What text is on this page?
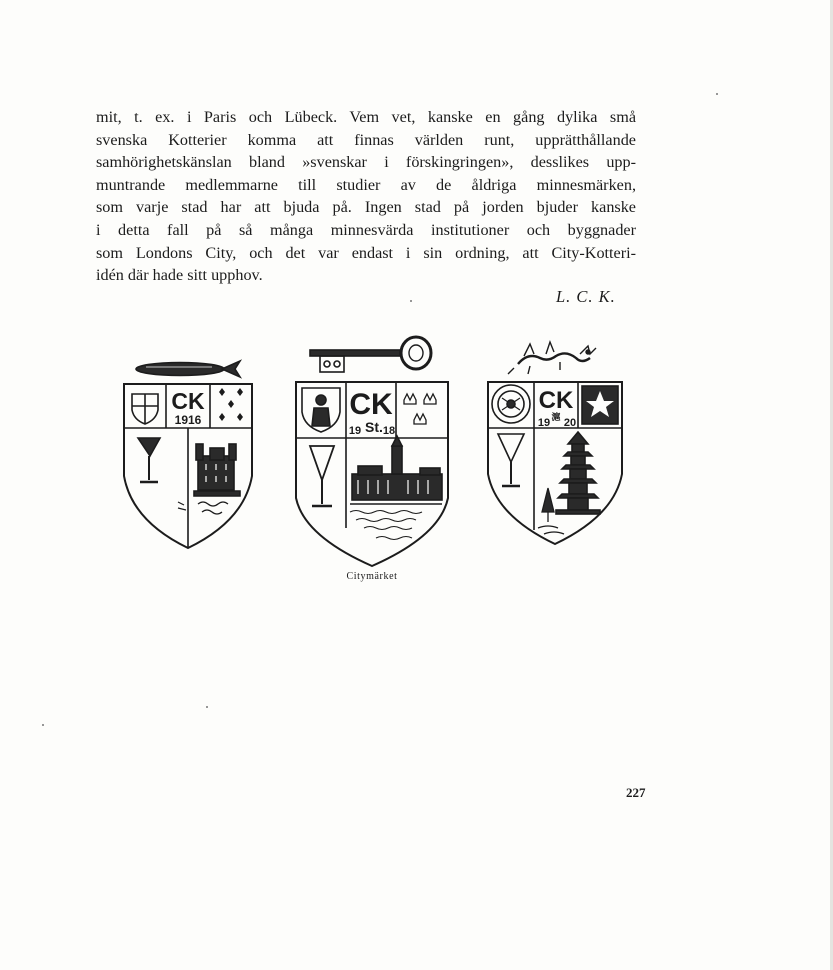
mit, t. ex. i Paris och Lübeck. Vem vet, kanske en gång dylika små
svenska Kotterier komma att finnas världen runt, upprätthållande
samhörighetskänslan bland »svenskar i förskingringen», desslikes upp-
muntrande medlemmarne till studier av de åldriga minnesmärken,
som varje stad har att bjuda på. Ingen stad på jorden bjuder kanske
i detta fall på så många minnesvärda institutioner och byggnader
som Londons City, och det var endast i sin ordning, att City-Kotteri-
idén där hade sitt upphov.
L. C. K.
CK
1916	CK
19 St. 18
CK
滬
19 20
Citymärket
227
